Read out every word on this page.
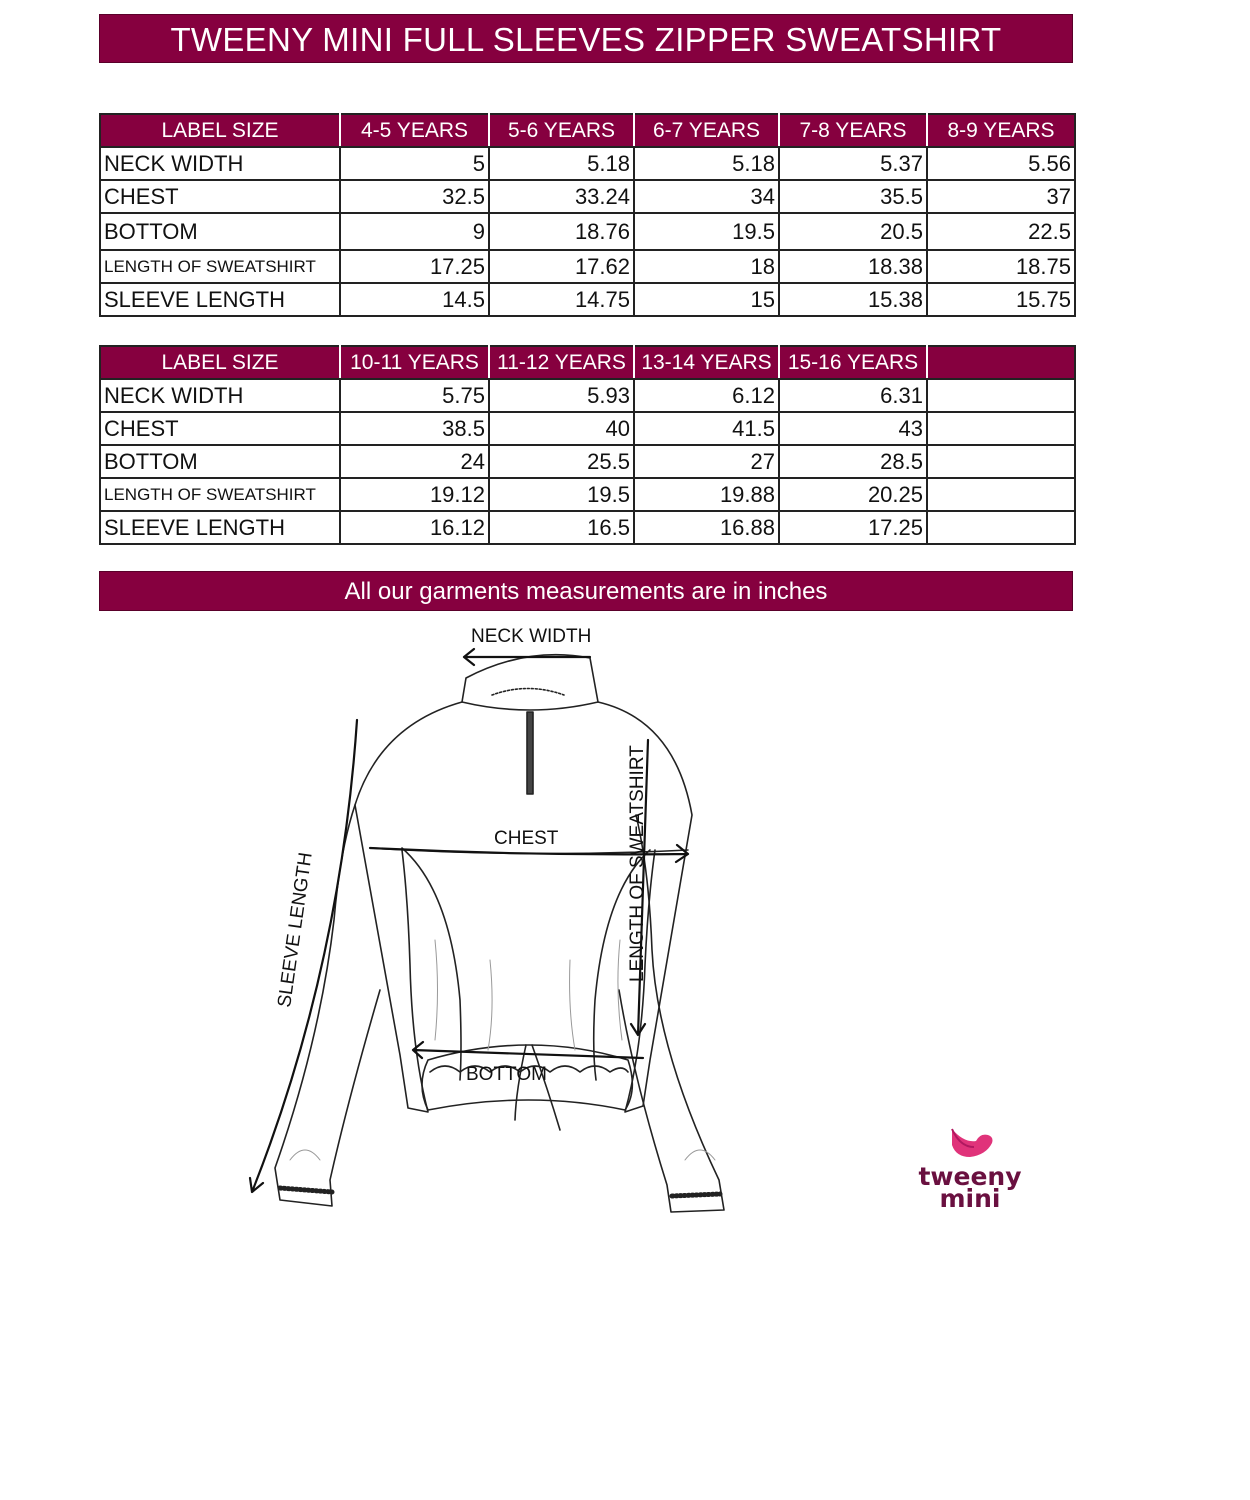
TWEENY MINI FULL SLEEVES ZIPPER SWEATSHIRT
LABEL SIZE	4-5 YEARS	5-6 YEARS	6-7 YEARS	7-8 YEARS	8-9 YEARS
NECK WIDTH	5	5.18	5.18	5.37	5.56
CHEST	32.5	33.24	34	35.5	37
BOTTOM	9	18.76	19.5	20.5	22.5
LENGTH OF SWEATSHIRT	17.25	17.62	18	18.38	18.75
SLEEVE LENGTH	14.5	14.75	15	15.38	15.75
LABEL SIZE	10-11 YEARS	11-12 YEARS	13-14 YEARS	15-16 YEARS	
NECK WIDTH	5.75	5.93	6.12	6.31	
CHEST	38.5	40	41.5	43	
BOTTOM	24	25.5	27	28.5	
LENGTH OF SWEATSHIRT	19.12	19.5	19.88	20.25	
SLEEVE LENGTH	16.12	16.5	16.88	17.25	
All our garments measurements are in inches
NECK WIDTH
CHEST	LENGTH OF SWEATSHIRT
SLEEVE LENGTH
BOTTOM
tweeny
mini
